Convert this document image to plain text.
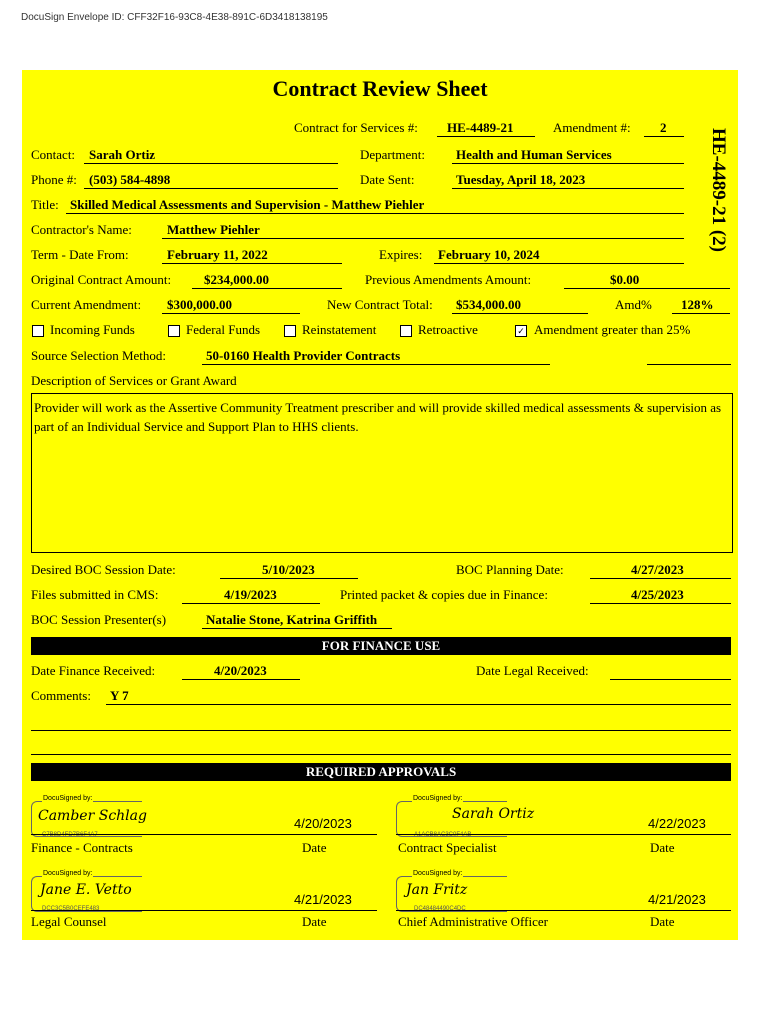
DocuSign Envelope ID: CFF32F16-93C8-4E38-891C-6D3418138195
Contract Review Sheet
HE-4489-21 (2)
Contract for Services #: HE-4489-21	Amendment #: 2
Contact: Sarah Ortiz	Department: Health and Human Services
Phone #: (503) 584-4898	Date Sent:	Tuesday, April 18, 2023
Title: Skilled Medical Assessments and Supervision - Matthew Piehler
Contractor's Name:	Matthew Piehler
Term - Date From:	February 11, 2022	Expires: February 10, 2024
Original Contract Amount:	$234,000.00	Previous Amendments Amount:	$0.00
Current Amendment: $300,000.00	New Contract Total: $534,000.00	Amd% 128%
Incoming Funds	Federal Funds	Reinstatement	Retroactive	✓ Amendment greater than 25%
Source Selection Method:	50-0160 Health Provider Contracts
Description of Services or Grant Award
Provider will work as the Assertive Community Treatment prescriber and will provide skilled medical assessments & supervision as part of an Individual Service and Support Plan to HHS clients.
Desired BOC Session Date:	5/10/2023	BOC Planning Date:	4/27/2023
Files submitted in CMS:	4/19/2023	Printed packet & copies due in Finance:	4/25/2023
BOC Session Presenter(s)	Natalie Stone, Katrina Griffith
FOR FINANCE USE
Date Finance Received:	4/20/2023	Date Legal Received:
Comments: Y 7
REQUIRED APPROVALS
DocuSigned by:
Camber Schlag
C7B8D4FD7B6F4A7
4/20/2023
Finance - Contracts	Date
DocuSigned by:
Sarah Ortiz
A1ACB8AC3C0F4AB
4/22/2023
Contract Specialist	Date
DocuSigned by:
Jane E. Vetto
DCC3C5B0CEFE483
4/21/2023
Legal Counsel	Date
DocuSigned by:
Jan Fritz
DC48484490C4DC
4/21/2023
Chief Administrative Officer	Date
